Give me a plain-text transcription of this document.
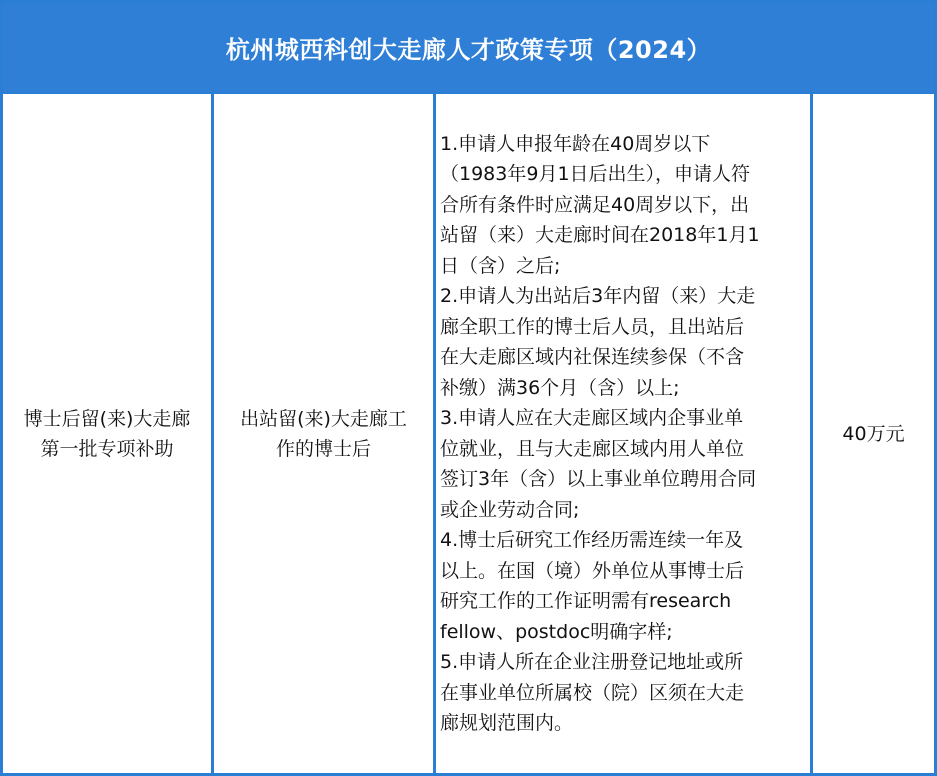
杭州城西科创大走廊人才政策专项（2024）
博士后留(来)大走廊
第一批专项补助
出站留(来)大走廊工
作的博士后
1.申请人申报年龄在40周岁以下
（1983年9月1日后出生），申请人符
合所有条件时应满足40周岁以下，出
站留（来）大走廊时间在2018年1月1
日（含）之后;
2.申请人为出站后3年内留（来）大走
廊全职工作的博士后人员，且出站后
在大走廊区域内社保连续参保（不含
补缴）满36个月（含）以上;
3.申请人应在大走廊区域内企事业单
位就业，且与大走廊区域内用人单位
签订3年（含）以上事业单位聘用合同
或企业劳动合同;
4.博士后研究工作经历需连续一年及
以上。在国（境）外单位从事博士后
研究工作的工作证明需有research
fellow、postdoc明确字样;
5.申请人所在企业注册登记地址或所
在事业单位所属校（院）区须在大走
廊规划范围内。
40万元
